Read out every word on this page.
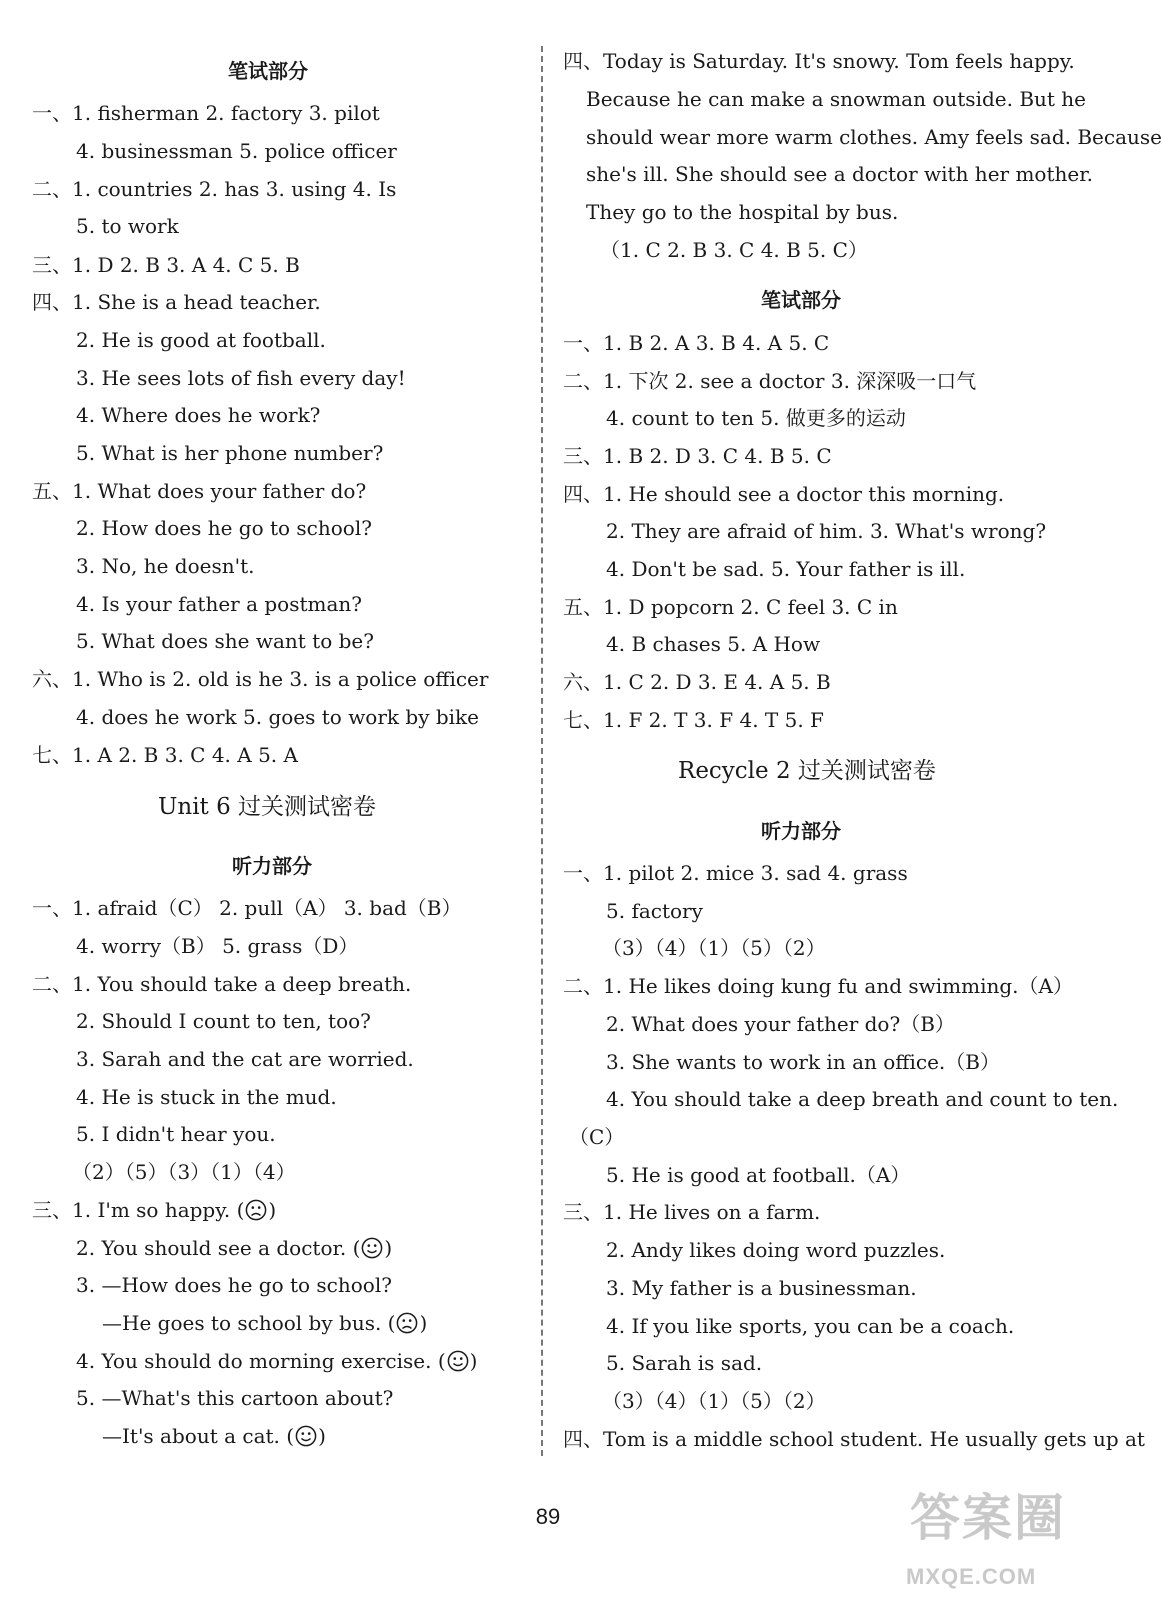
笔试部分
一、1. fisherman 2. factory 3. pilot
4. businessman 5. police officer
二、1. countries 2. has 3. using 4. Is
5. to work
三、1. D 2. B 3. A 4. C 5. B
四、1. She is a head teacher.
2. He is good at football.
3. He sees lots of fish every day!
4. Where does he work?
5. What is her phone number?
五、1. What does your father do?
2. How does he go to school?
3. No, he doesn't.
4. Is your father a postman?
5. What does she want to be?
六、1. Who is 2. old is he 3. is a police officer
4. does he work 5. goes to work by bike
七、1. A 2. B 3. C 4. A 5. A
Unit 6 过关测试密卷
听力部分
一、1. afraid（C） 2. pull（A） 3. bad（B）
4. worry（B） 5. grass（D）
二、1. You should take a deep breath.
2. Should I count to ten, too?
3. Sarah and the cat are worried.
4. He is stuck in the mud.
5. I didn't hear you.
（2）（5）（3）（1）（4）
三、1. I'm so happy. ( )
2. You should see a doctor. ( )
3. —How does he go to school?
—He goes to school by bus. ( )
4. You should do morning exercise. ( )
5. —What's this cartoon about?
—It's about a cat. ( )
四、Today is Saturday. It's snowy. Tom feels happy.
Because he can make a snowman outside. But he
should wear more warm clothes. Amy feels sad. Because
she's ill. She should see a doctor with her mother.
They go to the hospital by bus.
（1. C 2. B 3. C 4. B 5. C）
笔试部分
一、1. B 2. A 3. B 4. A 5. C
二、1. 下次 2. see a doctor 3. 深深吸一口气
4. count to ten 5. 做更多的运动
三、1. B 2. D 3. C 4. B 5. C
四、1. He should see a doctor this morning.
2. They are afraid of him. 3. What's wrong?
4. Don't be sad. 5. Your father is ill.
五、1. D popcorn 2. C feel 3. C in
4. B chases 5. A How
六、1. C 2. D 3. E 4. A 5. B
七、1. F 2. T 3. F 4. T 5. F
Recycle 2 过关测试密卷
听力部分
一、1. pilot 2. mice 3. sad 4. grass
5. factory
（3）（4）（1）（5）（2）
二、1. He likes doing kung fu and swimming.（A）
2. What does your father do?（B）
3. She wants to work in an office.（B）
4. You should take a deep breath and count to ten.
（C）
5. He is good at football.（A）
三、1. He lives on a farm.
2. Andy likes doing word puzzles.
3. My father is a businessman.
4. If you like sports, you can be a coach.
5. Sarah is sad.
（3）（4）（1）（5）（2）
四、Tom is a middle school student. He usually gets up at
89	答案圈
MXQE.COM
